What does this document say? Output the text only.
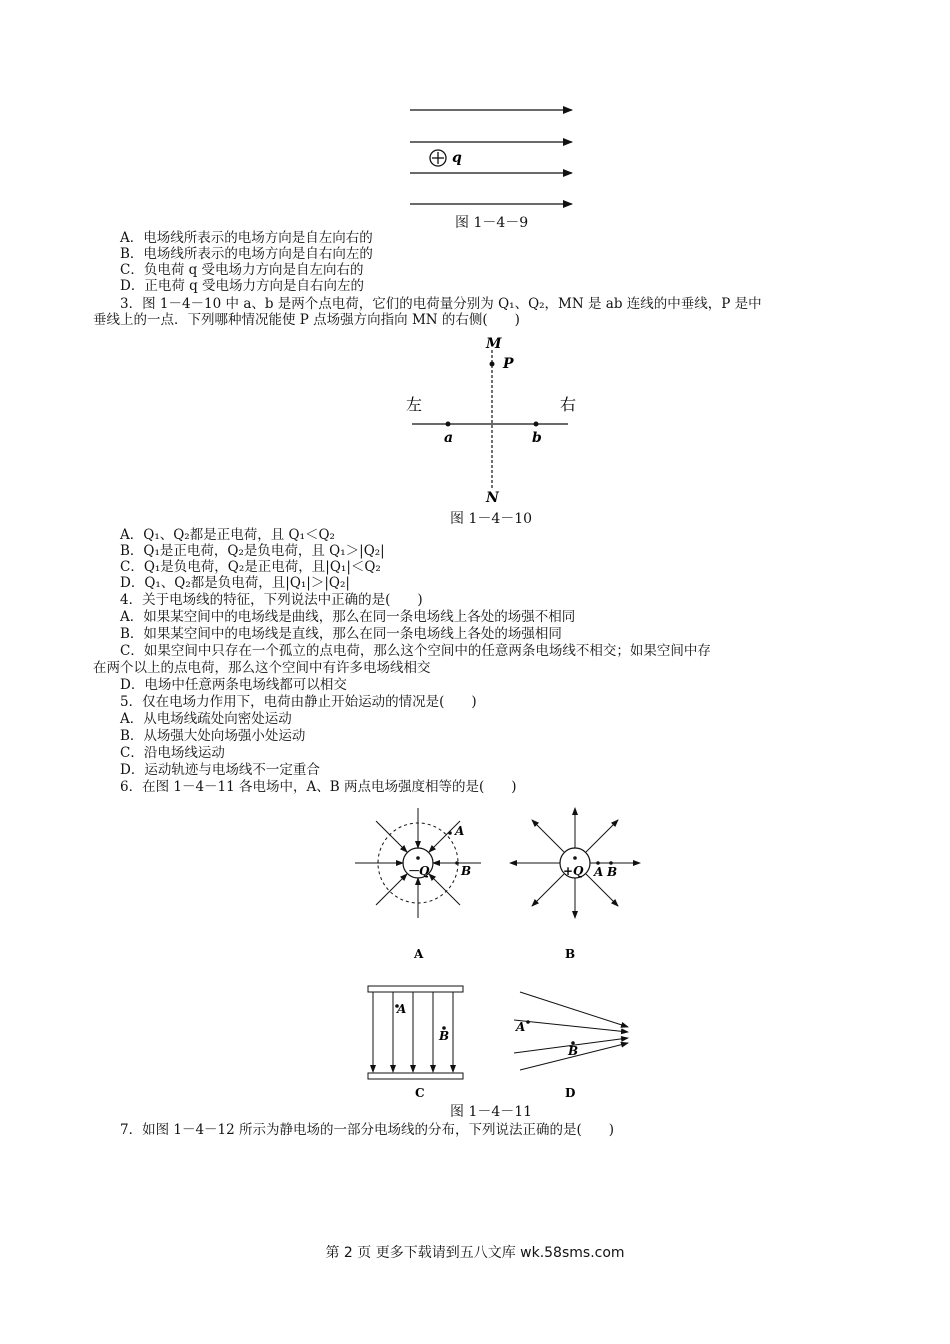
q
图 1－4－9
A．电场线所表示的电场方向是自左向右的
B．电场线所表示的电场方向是自右向左的
C．负电荷 q 受电场力方向是自左向右的
D．正电荷 q 受电场力方向是自右向左的
3．图 1－4－10 中 a、b 是两个点电荷，它们的电荷量分别为 Q₁、Q₂，MN 是 ab 连线的中垂线，P 是中
垂线上的一点．下列哪种情况能使 P 点场强方向指向 MN 的右侧(　　)
M
P
左	右
a	b
N
图 1－4－10
A．Q₁、Q₂都是正电荷，且 Q₁＜Q₂
B．Q₁是正电荷，Q₂是负电荷，且 Q₁＞|Q₂|
C．Q₁是负电荷，Q₂是正电荷，且|Q₁|＜Q₂
D．Q₁、Q₂都是负电荷，且|Q₁|＞|Q₂|
4．关于电场线的特征，下列说法中正确的是(　　)
A．如果某空间中的电场线是曲线，那么在同一条电场线上各处的场强不相同
B．如果某空间中的电场线是直线，那么在同一条电场线上各处的场强相同
C．如果空间中只存在一个孤立的点电荷，那么这个空间中的任意两条电场线不相交；如果空间中存
在两个以上的点电荷，那么这个空间中有许多电场线相交
D．电场中任意两条电场线都可以相交
5．仅在电场力作用下，电荷由静止开始运动的情况是(　　)
A．从电场线疏处向密处运动
B．从场强大处向场强小处运动
C．沿电场线运动
D．运动轨迹与电场线不一定重合
6．在图 1－4－11 各电场中，A、B 两点电场强度相等的是(　　)
－Q
A
B
A
+Q A B
B
A
B
C
A
B
D
图 1－4－11
7．如图 1－4－12 所示为静电场的一部分电场线的分布，下列说法正确的是(　　)
第 2 页 更多下载请到五八文库 wk.58sms.com
